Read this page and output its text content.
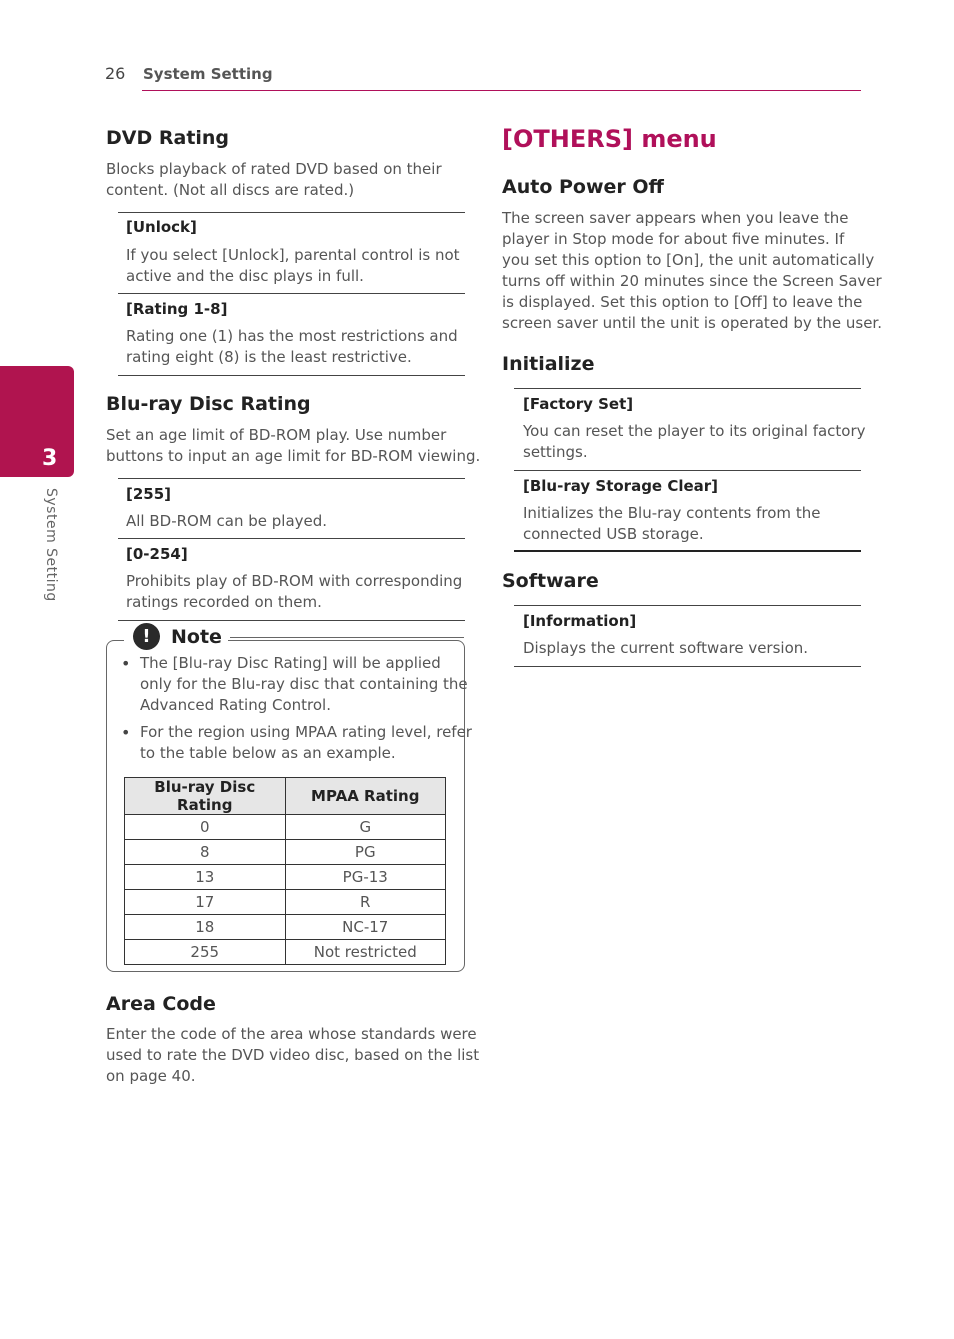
26 System Setting
3
System Setting
DVD Rating
Blocks playback of rated DVD based on their
content. (Not all discs are rated.)
[Unlock]
If you select [Unlock], parental control is not
active and the disc plays in full.
[Rating 1-8]
Rating one (1) has the most restrictions and
rating eight (8) is the least restrictive.
Blu-ray Disc Rating
Set an age limit of BD-ROM play. Use number
buttons to input an age limit for BD-ROM viewing.
[255]
All BD-ROM can be played.
[0-254]
Prohibits play of BD-ROM with corresponding
ratings recorded on them.
!	Note
• The [Blu-ray Disc Rating] will be applied
only for the Blu-ray disc that containing the
Advanced Rating Control.
• For the region using MPAA rating level, refer
to the table below as an example.
Blu-ray Disc Rating	MPAA Rating
0	G
8	PG
13	PG-13
17	R
18	NC-17
255	Not restricted
Area Code
Enter the code of the area whose standards were
used to rate the DVD video disc, based on the list
on page 40.
[OTHERS] menu
Auto Power Off
The screen saver appears when you leave the
player in Stop mode for about five minutes. If
you set this option to [On], the unit automatically
turns off within 20 minutes since the Screen Saver
is displayed. Set this option to [Off] to leave the
screen saver until the unit is operated by the user.
Initialize
[Factory Set]
You can reset the player to its original factory
settings.
[Blu-ray Storage Clear]
Initializes the Blu-ray contents from the
connected USB storage.
Software
[Information]
Displays the current software version.
